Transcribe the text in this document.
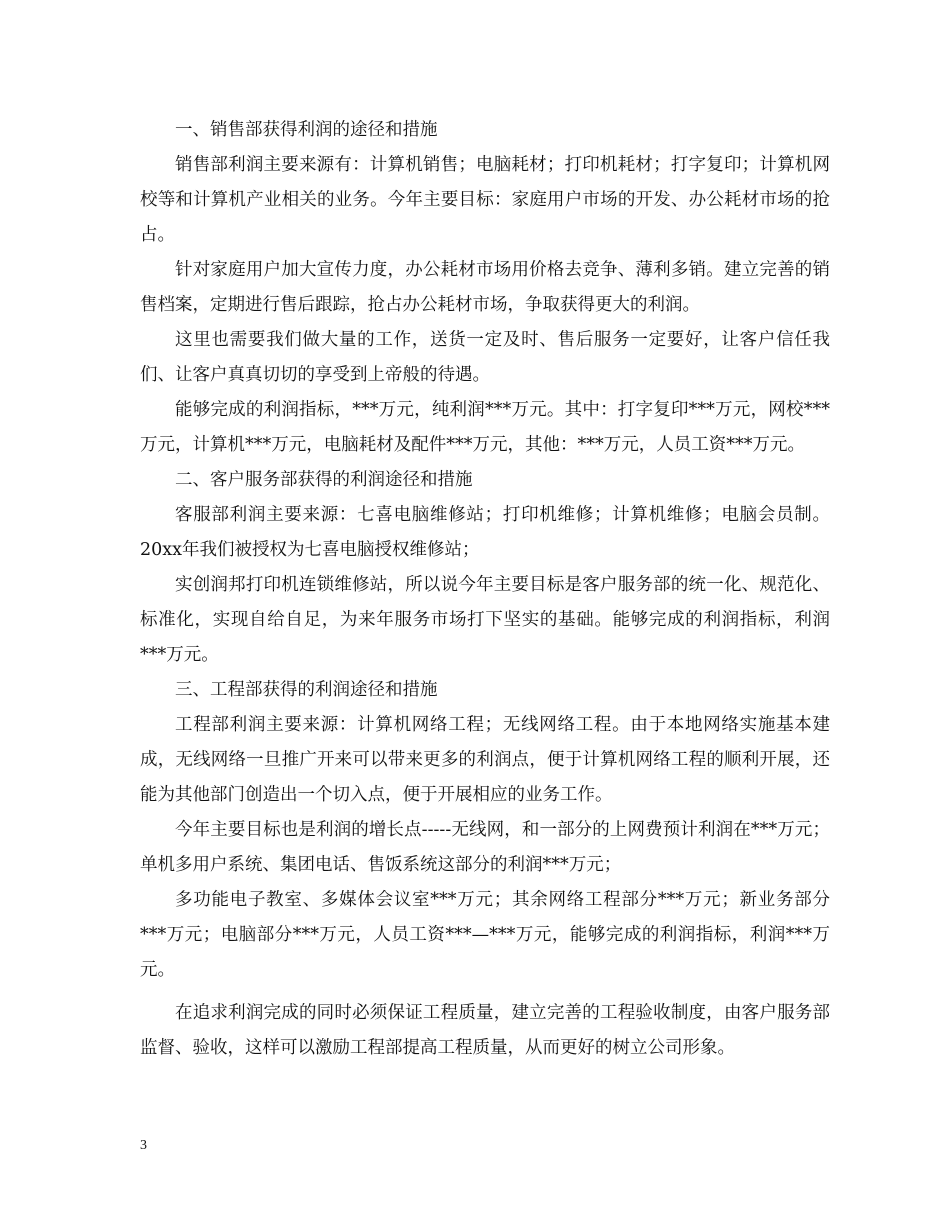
一、销售部获得利润的途径和措施

销售部利润主要来源有：计算机销售；电脑耗材；打印机耗材；打字复印；计算机网校等和计算机产业相关的业务。今年主要目标：家庭用户市场的开发、办公耗材市场的抢占。

针对家庭用户加大宣传力度，办公耗材市场用价格去竞争、薄利多销。建立完善的销售档案，定期进行售后跟踪，抢占办公耗材市场，争取获得更大的利润。

这里也需要我们做大量的工作，送货一定及时、售后服务一定要好，让客户信任我们、让客户真真切切的享受到上帝般的待遇。

能够完成的利润指标，***万元，纯利润***万元。其中：打字复印***万元，网校***万元，计算机***万元，电脑耗材及配件***万元，其他：***万元，人员工资***万元。

二、客户服务部获得的利润途径和措施

客服部利润主要来源：七喜电脑维修站；打印机维修；计算机维修；电脑会员制。20xx年我们被授权为七喜电脑授权维修站；

实创润邦打印机连锁维修站，所以说今年主要目标是客户服务部的统一化、规范化、标准化，实现自给自足，为来年服务市场打下坚实的基础。能够完成的利润指标，利润***万元。

三、工程部获得的利润途径和措施

工程部利润主要来源：计算机网络工程；无线网络工程。由于本地网络实施基本建成，无线网络一旦推广开来可以带来更多的利润点，便于计算机网络工程的顺利开展，还能为其他部门创造出一个切入点，便于开展相应的业务工作。

今年主要目标也是利润的增长点-----无线网，和一部分的上网费预计利润在***万元；单机多用户系统、集团电话、售饭系统这部分的利润***万元；

多功能电子教室、多媒体会议室***万元；其余网络工程部分***万元；新业务部分***万元；电脑部分***万元，人员工资***—***万元，能够完成的利润指标，利润***万元。

在追求利润完成的同时必须保证工程质量，建立完善的工程验收制度，由客户服务部监督、验收，这样可以激励工程部提高工程质量，从而更好的树立公司形象。

3
